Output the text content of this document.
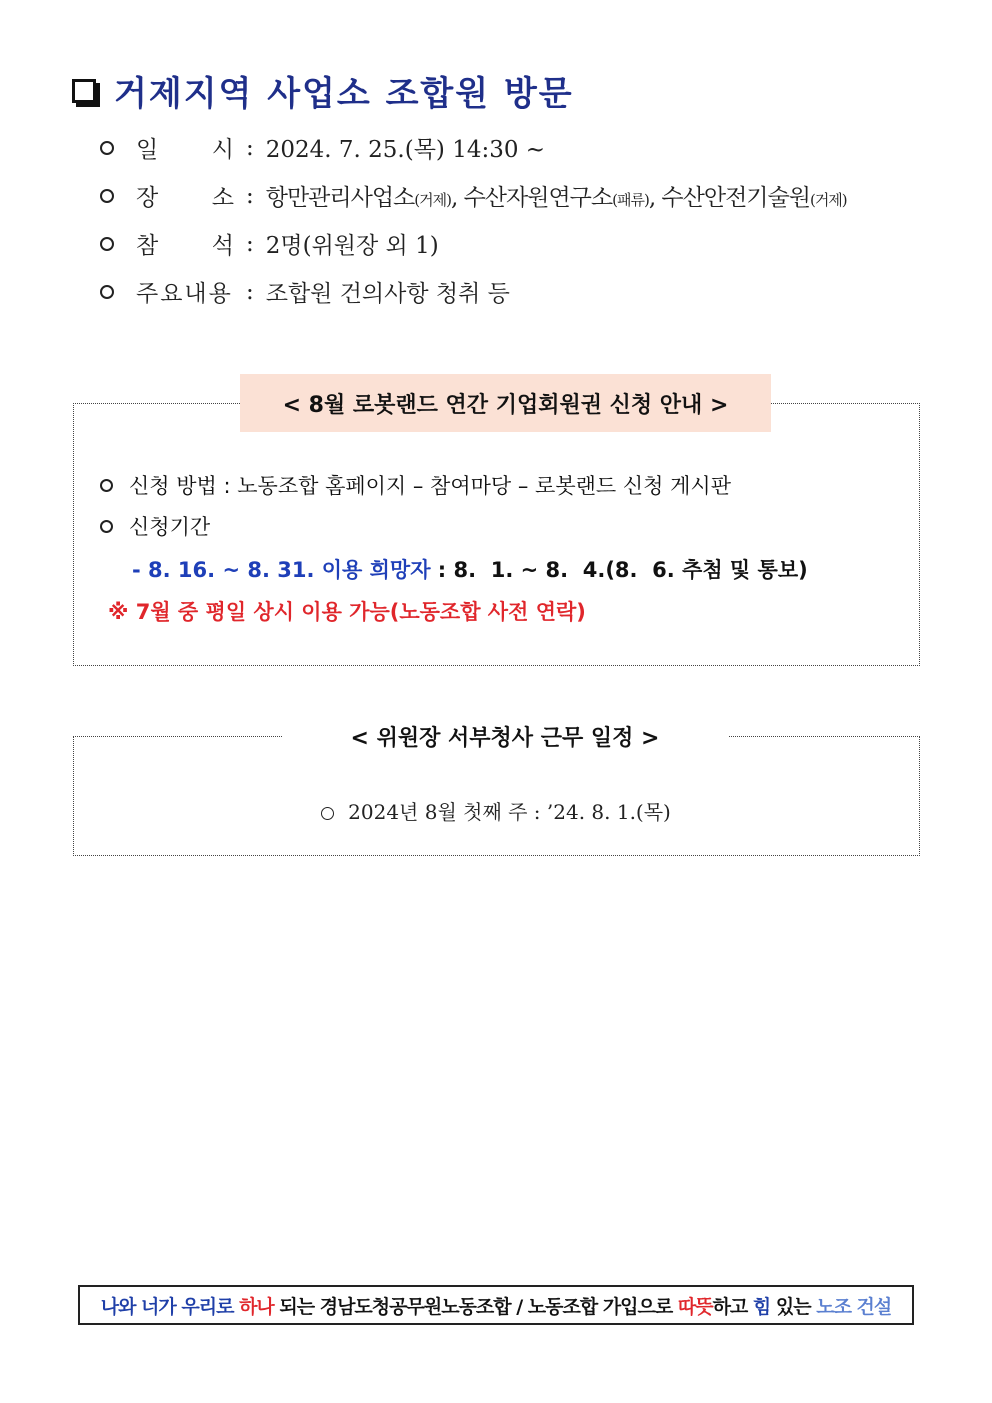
거제지역 사업소 조합원 방문
일 시 : 2024. 7. 25.(목) 14:30 ~
장 소 : 항만관리사업소(거제), 수산자원연구소(패류), 수산안전기술원(거제)
참 석 : 2명(위원장 외 1)
주요내용 : 조합원 건의사항 청취 등
< 8월 로봇랜드 연간 기업회원권 신청 안내 >
신청 방법 : 노동조합 홈페이지 – 참여마당 – 로봇랜드 신청 게시판
신청기간
- 8. 16. ~ 8. 31. 이용 희망자 : 8.  1. ~ 8.  4.(8.  6. 추첨 및 통보)
※ 7월 중 평일 상시 이용 가능(노동조합 사전 연락)
< 위원장 서부청사 근무 일정 >
2024년 8월 첫째 주 : ’24. 8. 1.(목)
나와 너가 우리로 하나 되는 경남도청공무원노동조합 / 노동조합 가입으로 따뜻 하고 힘 있는 노조 건설
